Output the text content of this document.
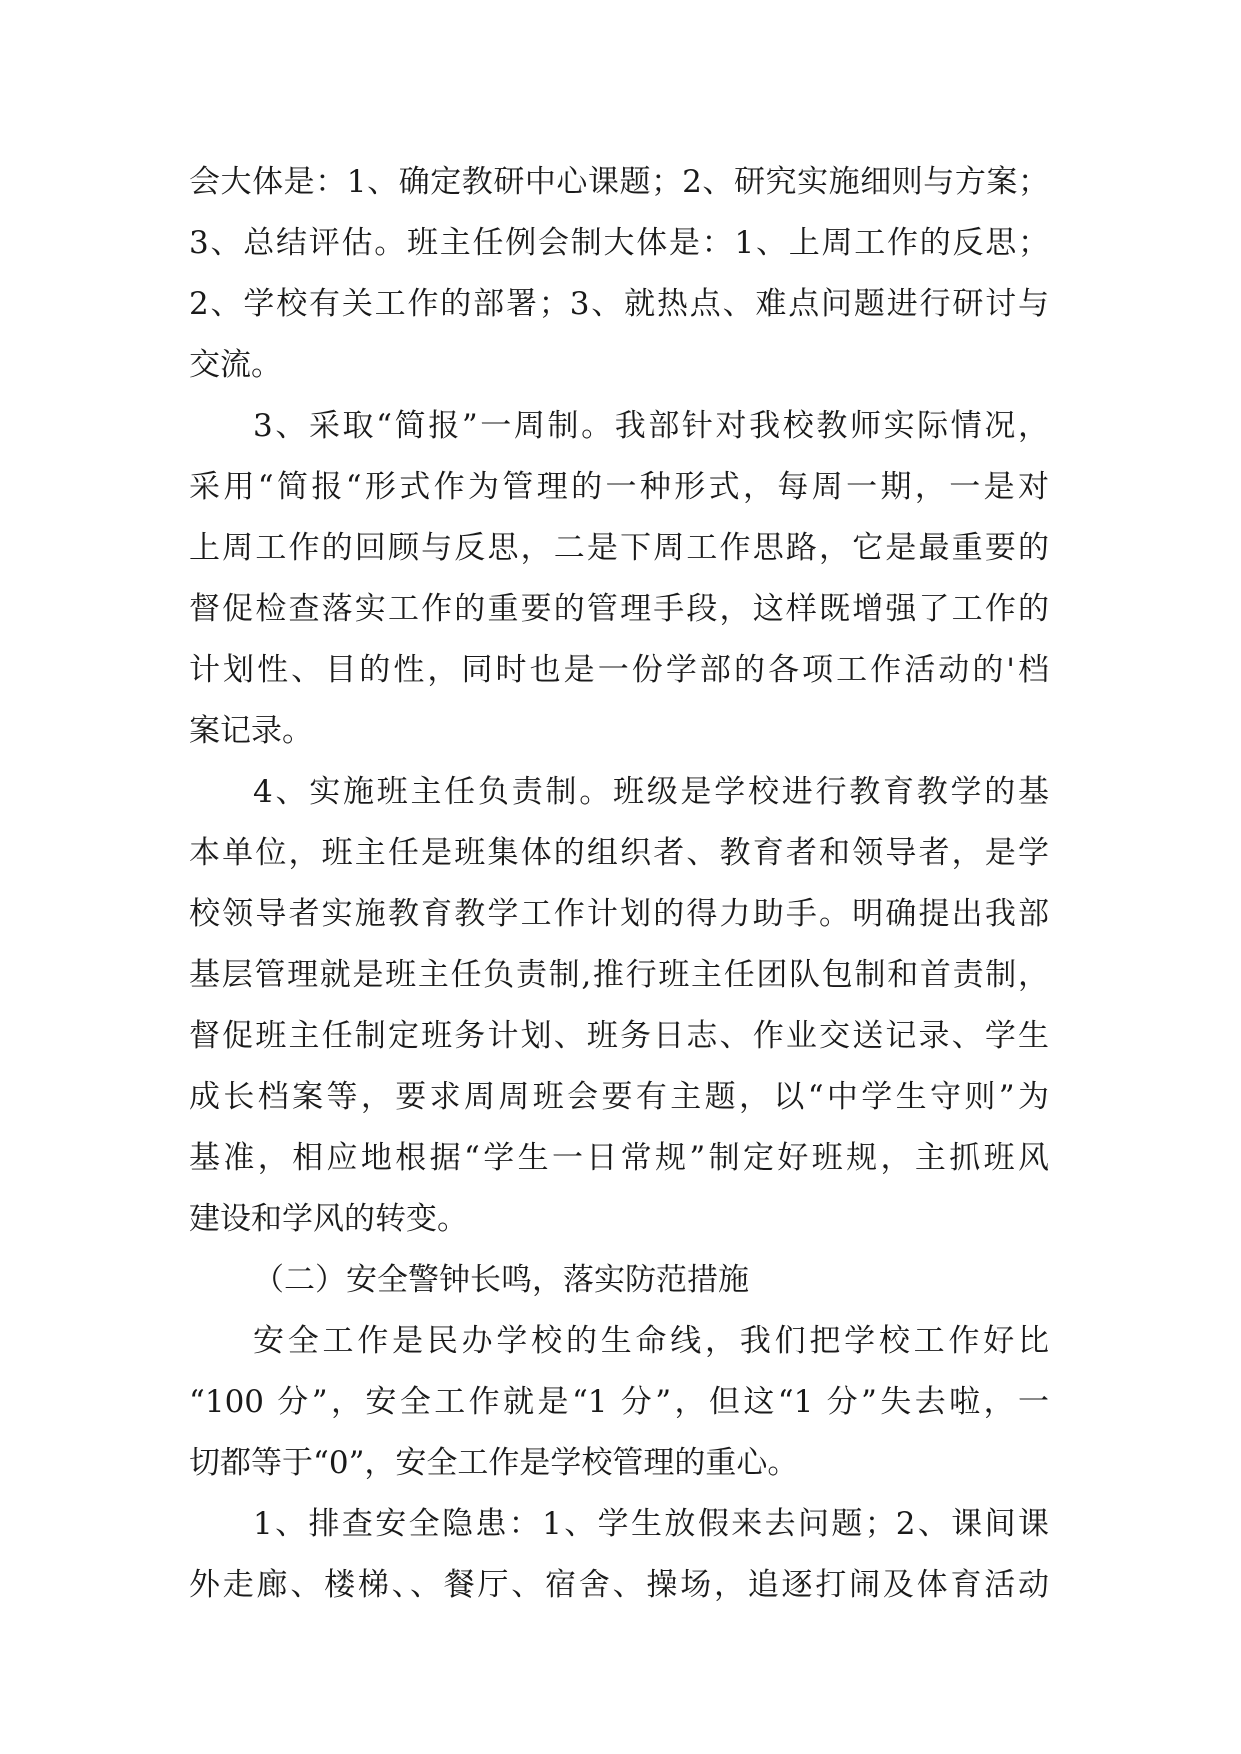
会大体是：1、确定教研中心课题；2、研究实施细则与方案；
3、总结评估。班主任例会制大体是：1、上周工作的反思；
2、学校有关工作的部署；3、就热点、难点问题进行研讨与
交流。
3、采取“简报”一周制。我部针对我校教师实际情况，
采用“简报“形式作为管理的一种形式，每周一期，一是对
上周工作的回顾与反思，二是下周工作思路，它是最重要的
督促检查落实工作的重要的管理手段，这样既增强了工作的
计划性、目的性，同时也是一份学部的各项工作活动的'档
案记录。
4、实施班主任负责制。班级是学校进行教育教学的基
本单位，班主任是班集体的组织者、教育者和领导者，是学
校领导者实施教育教学工作计划的得力助手。明确提出我部
基层管理就是班主任负责制,推行班主任团队包制和首责制，
督促班主任制定班务计划、班务日志、作业交送记录、学生
成长档案等，要求周周班会要有主题，以“中学生守则”为
基准，相应地根据“学生一日常规”制定好班规，主抓班风
建设和学风的转变。
（二）安全警钟长鸣，落实防范措施
安全工作是民办学校的生命线，我们把学校工作好比
“100 分”，安全工作就是“1 分”，但这“1 分”失去啦，一
切都等于“0”，安全工作是学校管理的重心。
1、排查安全隐患：1、学生放假来去问题；2、课间课
外走廊、楼梯、、餐厅、宿舍、操场，追逐打闹及体育活动
